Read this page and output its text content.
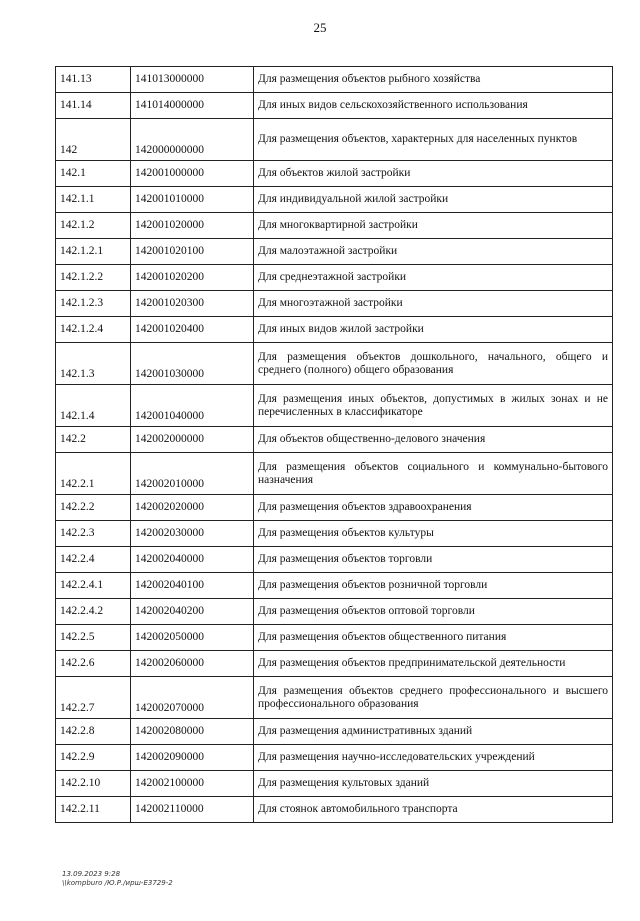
25
141.13	141013000000	Для размещения объектов рыбного хозяйства
141.14	141014000000	Для иных видов сельскохозяйственного использования
142	142000000000	Для размещения объектов, характерных для населенных пунктов
142.1	142001000000	Для объектов жилой застройки
142.1.1	142001010000	Для индивидуальной жилой застройки
142.1.2	142001020000	Для многоквартирной застройки
142.1.2.1	142001020100	Для малоэтажной застройки
142.1.2.2	142001020200	Для среднеэтажной застройки
142.1.2.3	142001020300	Для многоэтажной застройки
142.1.2.4	142001020400	Для иных видов жилой застройки
142.1.3	142001030000	Для размещения объектов дошкольного, начального, общего и среднего (полного) общего образования
142.1.4	142001040000	Для размещения иных объектов, допустимых в жилых зонах и не перечисленных в классификаторе
142.2	142002000000	Для объектов общественно-делового значения
142.2.1	142002010000	Для размещения объектов социального и коммунально-бытового назначения
142.2.2	142002020000	Для размещения объектов здравоохранения
142.2.3	142002030000	Для размещения объектов культуры
142.2.4	142002040000	Для размещения объектов торговли
142.2.4.1	142002040100	Для размещения объектов розничной торговли
142.2.4.2	142002040200	Для размещения объектов оптовой торговли
142.2.5	142002050000	Для размещения объектов общественного питания
142.2.6	142002060000	Для размещения объектов предпринимательской деятельности
142.2.7	142002070000	Для размещения объектов среднего профессионального и высшего профессионального образования
142.2.8	142002080000	Для размещения административных зданий
142.2.9	142002090000	Для размещения научно-исследовательских учреждений
142.2.10	142002100000	Для размещения культовых зданий
142.2.11	142002110000	Для стоянок автомобильного транспорта
13.09.2023 9:28
\\kompburo /Ю.Р./ирш-Е3729-2
